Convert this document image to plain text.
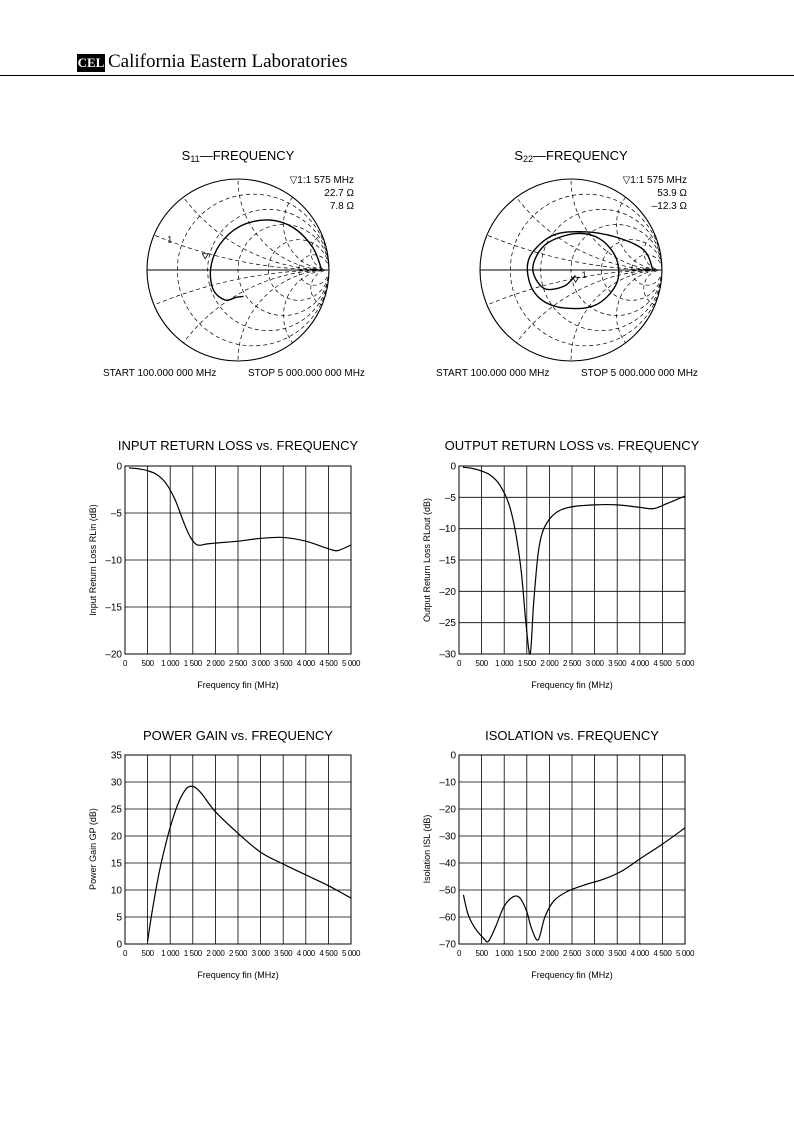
CEL California Eastern Laboratories
1
S11—FREQUENCY
▽1:1 575 MHz
22.7 Ω
7.8 Ω
START 100.000 000 MHz	STOP 5 000.000 000 MHz
1
S22—FREQUENCY
▽1:1 575 MHz
53.9 Ω
–12.3 Ω
START 100.000 000 MHz	STOP 5 000.000 000 MHz
0 500 1 000 1 500 2 000 2 500 3 000 3 500 4 000 4 500 5 000
0
–5
–10
–15
–20
INPUT RETURN LOSS vs. FREQUENCY
Frequency fin (MHz)
Input Return Loss RLin (dB)
0 500 1 000 1 500 2 000 2 500 3 000 3 500 4 000 4 500 5 000
0
–5
–10
–15
–20
–25
–30
OUTPUT RETURN LOSS vs. FREQUENCY
Frequency fin (MHz)
Output Return Loss RLout (dB)
0 500 1 000 1 500 2 000 2 500 3 000 3 500 4 000 4 500 5 000
0
5
10
15
20
25
30
35
POWER GAIN vs. FREQUENCY
Frequency fin (MHz)
Power Gain GP (dB)
0 500 1 000 1 500 2 000 2 500 3 000 3 500 4 000 4 500 5 000
0
–10
–20
–30
–40
–50
–60
–70
ISOLATION vs. FREQUENCY
Frequency fin (MHz)
Isolation ISL (dB)
